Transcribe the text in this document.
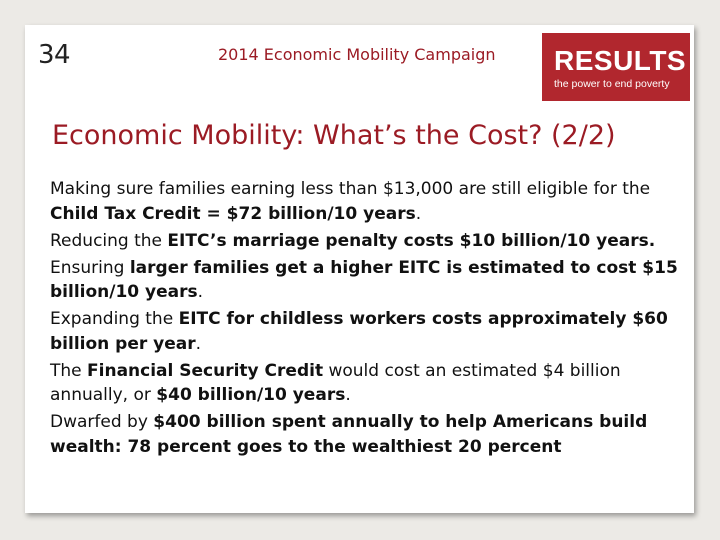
34	2014 Economic Mobility Campaign RESULTS
the power to end poverty
Economic Mobility: What’s the Cost? (2/2)

Making sure families earning less than $13,000 are still eligible for the Child Tax Credit = $72 billion/10 years.

Reducing the EITC’s marriage penalty costs $10 billion/10 years.

Ensuring larger families get a higher EITC is estimated to cost $15 billion/10 years.

Expanding the EITC for childless workers costs approximately $60 billion per year.

The Financial Security Credit would cost an estimated $4 billion annually, or $40 billion/10 years.

Dwarfed by $400 billion spent annually to help Americans build wealth: 78 percent goes to the wealthiest 20 percent
